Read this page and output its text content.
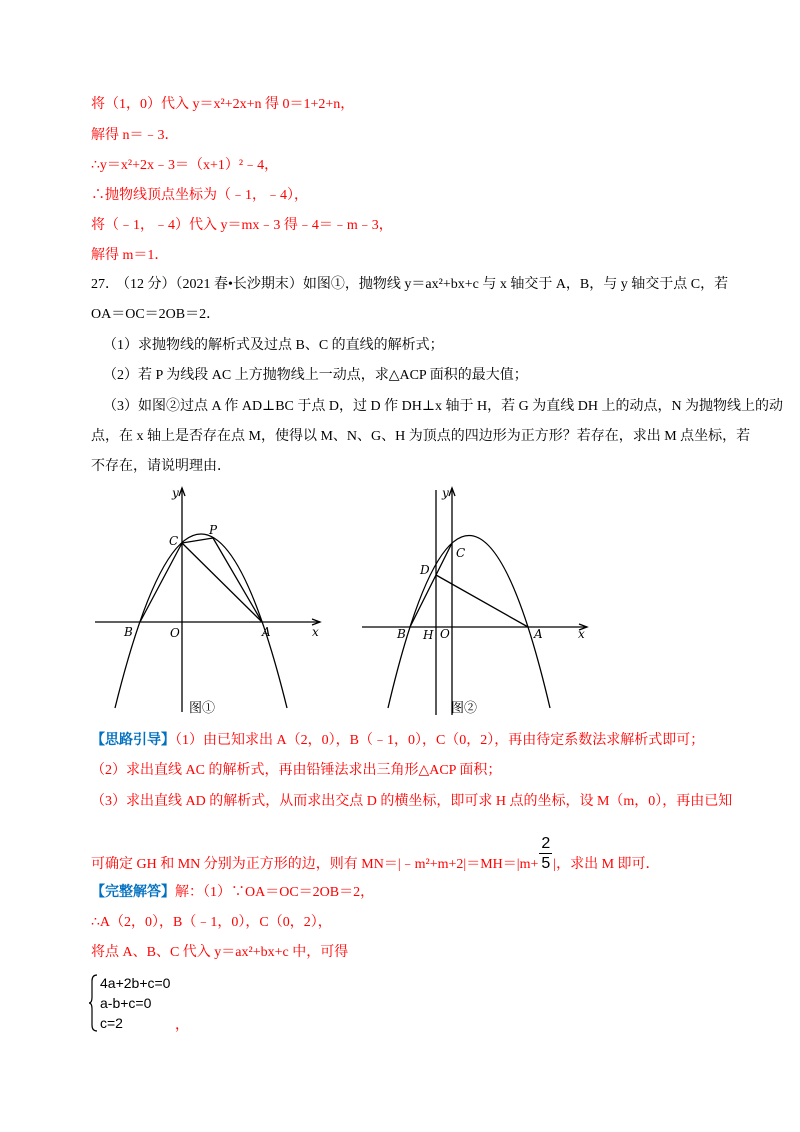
将（1，0）代入 y＝x²+2x+n 得 0＝1+2+n，
解得 n＝﹣3．
∴y＝x²+2x﹣3＝（x+1）²﹣4，
∴抛物线顶点坐标为（﹣1，﹣4），
将（﹣1，﹣4）代入 y＝mx﹣3 得﹣4＝﹣m﹣3，
解得 m＝1．
27． （12 分）（2021 春•长沙期末）如图①，抛物线 y＝ax²+bx+c 与 x 轴交于 A，B，与 y 轴交于点 C，若
OA＝OC＝2OB＝2．
（1）求抛物线的解析式及过点 B、C 的直线的解析式；
（2）若 P 为线段 AC 上方抛物线上一动点，求△ACP 面积的最大值；
（3）如图②过点 A 作 AD⊥BC 于点 D，过 D 作 DH⊥x 轴于 H，若 G 为直线 DH 上的动点，N 为抛物线上的动
点，在 x 轴上是否存在点 M，使得以 M、N、G、H 为顶点的四边形为正方形？若存在，求出 M 点坐标，若
不存在，请说明理由．
y
C
P
B	O	A	x
图①
y
D
C
B H O	A	x
图②
【思路引导】（1）由已知求出 A（2，0），B（﹣1，0），C（0，2），再由待定系数法求解析式即可；
（2）求出直线 AC 的解析式，再由铅锤法求出三角形△ACP 面积；
（3）求出直线 AD 的解析式，从而求出交点 D 的横坐标，即可求 H 点的坐标，设 M（m，0），再由已知
可确定 GH 和 MN 分别为正方形的边，则有 MN＝|﹣m²+m+2|＝MH＝|m+ $\frac{2}{5}$ |，求出 M 即可．
【完整解答】解：（1）∵OA＝OC＝2OB＝2，
∴A（2，0），B（﹣1，0），C（0，2），
将点 A、B、C 代入 y＝ax²+bx+c 中，可得
4a+2b+c=0
a-b+c=0
c=2	，
